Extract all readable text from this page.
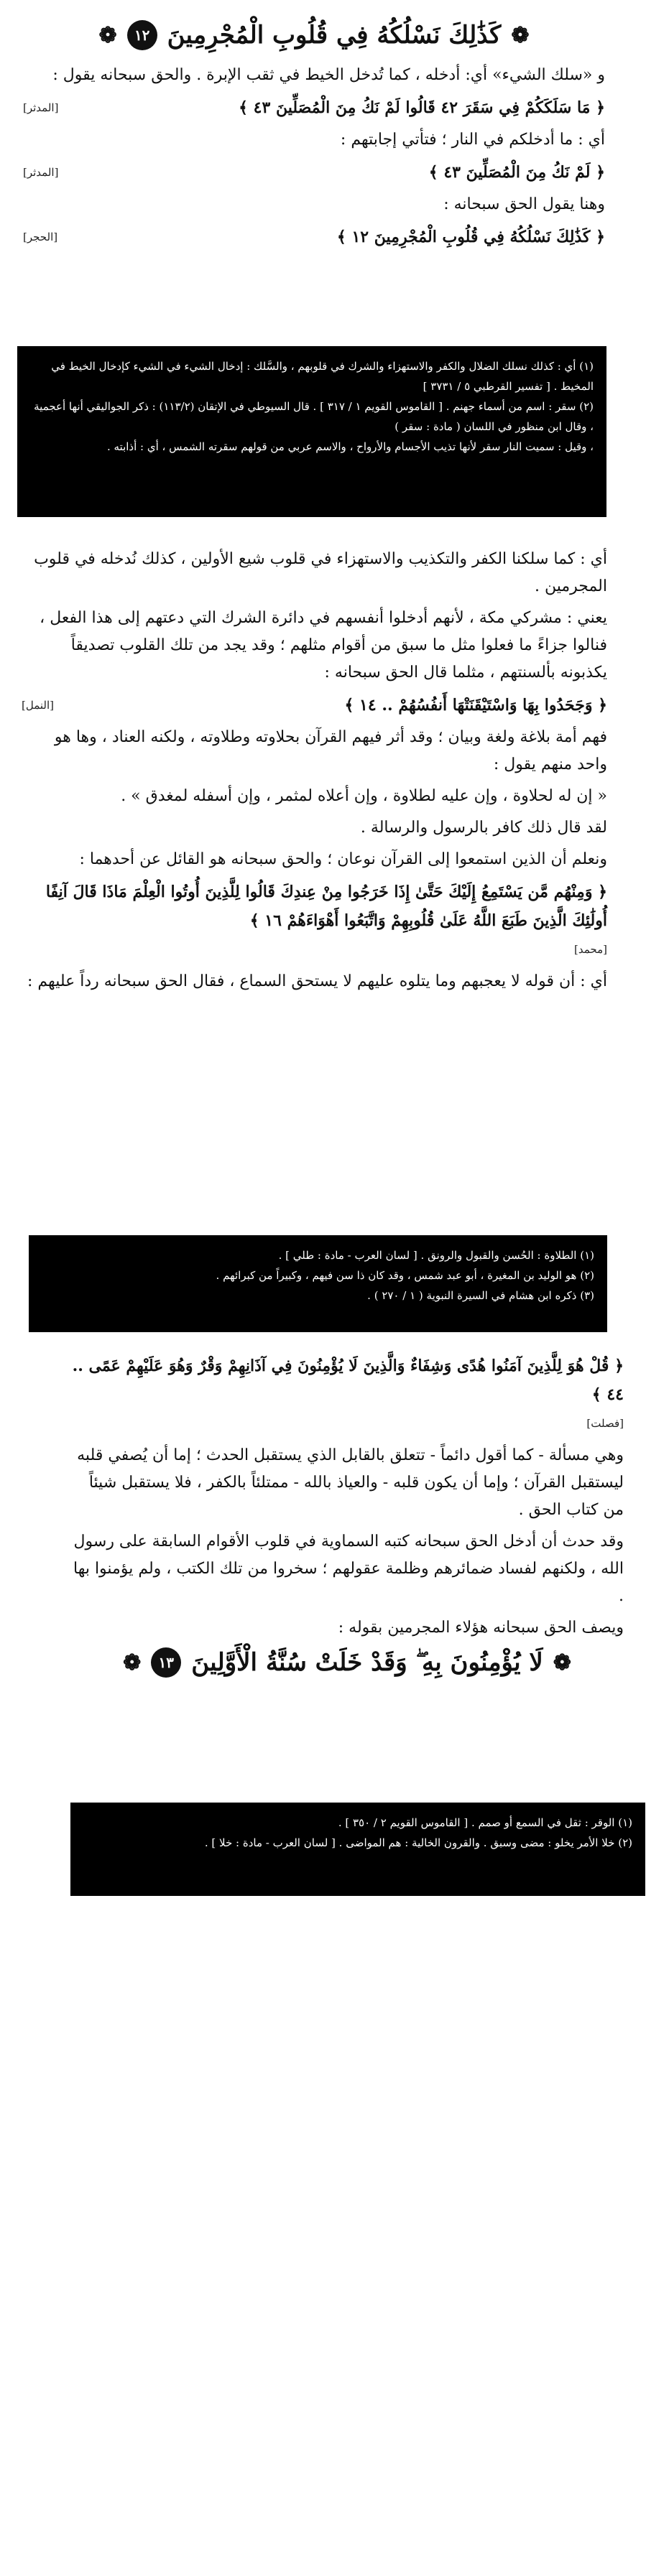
❁
كَذَٰلِكَ نَسْلُكُهُ فِي قُلُوبِ الْمُجْرِمِينَ
١٢
❁

و «سلك الشيء» أي: أدخله ، كما تُدخل الخيط في ثقب الإبرة . والحق سبحانه يقول :

﴿ مَا سَلَكَكُمْ فِي سَقَرَ ٤٢ قَالُوا لَمْ نَكُ مِنَ الْمُصَلِّينَ ٤٣ ﴾
[المدثر]

أي : ما أدخلكم في النار ؛ فتأتي إجابتهم :

﴿ لَمْ نَكُ مِنَ الْمُصَلِّينَ ٤٣ ﴾
[المدثر]

وهنا يقول الحق سبحانه :

﴿ كَذَٰلِكَ نَسْلُكُهُ فِي قُلُوبِ الْمُجْرِمِينَ ١٢ ﴾
[الحجر]

(١) أي : كذلك نسلك الضلال والكفر والاستهزاء والشرك في قلوبهم ، والسَّلك : إدخال الشيء في الشيء كإدخال الخيط في المخيط . [ تفسير القرطبي ٥ / ٣٧٣١ ]

(٢) سقر : اسم من أسماء جهنم . [ القاموس القويم ١ / ٣١٧ ] . قال السيوطي في الإتقان (١١٣/٢) : ذكر الجواليقي أنها أعجمية ، وقال ابن منظور في اللسان ( مادة : سقر )

، وقيل : سميت النار سقر لأنها تذيب الأجسام والأرواح ، والاسم عربي من قولهم سقرته الشمس ، أي : أذابته .

أي : كما سلكنا الكفر والتكذيب والاستهزاء في قلوب شيع الأولين ، كذلك نُدخله في قلوب المجرمين .

يعني : مشركي مكة ، لأنهم أدخلوا أنفسهم في دائرة الشرك التي دعتهم إلى هذا الفعل ، فنالوا جزاءً ما فعلوا مثل ما سبق من أقوام مثلهم ؛ وقد يجد من تلك القلوب تصديقاً يكذبونه بألسنتهم ، مثلما قال الحق سبحانه :

﴿ وَجَحَدُوا بِهَا وَاسْتَيْقَنَتْهَا أَنفُسُهُمْ .. ١٤ ﴾
[النمل]

فهم أمة بلاغة ولغة وبيان ؛ وقد أثر فيهم القرآن بحلاوته وطلاوته ، ولكنه العناد ، وها هو واحد منهم يقول :

« إن له لحلاوة ، وإن عليه لطلاوة ، وإن أعلاه لمثمر ، وإن أسفله لمغدق » .

لقد قال ذلك كافر بالرسول والرسالة .

ونعلم أن الذين استمعوا إلى القرآن نوعان ؛ والحق سبحانه هو القائل عن أحدهما :

﴿ وَمِنْهُم مَّن يَسْتَمِعُ إِلَيْكَ حَتَّىٰ إِذَا خَرَجُوا مِنْ عِندِكَ قَالُوا لِلَّذِينَ أُوتُوا الْعِلْمَ مَاذَا قَالَ آنِفًا أُولَٰئِكَ الَّذِينَ طَبَعَ اللَّهُ عَلَىٰ قُلُوبِهِمْ وَاتَّبَعُوا أَهْوَاءَهُمْ ١٦ ﴾
[محمد]

أي : أن قوله لا يعجبهم وما يتلوه عليهم لا يستحق السماع ، فقال الحق سبحانه رداً عليهم :

(١) الطلاوة : الحُسن والقبول والرونق . [ لسان العرب - مادة : طلي ] .

(٢) هو الوليد بن المغيرة ، أبو عبد شمس ، وقد كان ذا سن فيهم ، وكبيراً من كبرائهم .

(٣) ذكره ابن هشام في السيرة النبوية ( ١ / ٢٧٠ ) .

﴿ قُلْ هُوَ لِلَّذِينَ آمَنُوا هُدًى وَشِفَاءٌ وَالَّذِينَ لَا يُؤْمِنُونَ فِي آذَانِهِمْ وَقْرٌ وَهُوَ عَلَيْهِمْ عَمًى .. ٤٤ ﴾
[فصلت]

وهي مسألة - كما أقول دائماً - تتعلق بالقابل الذي يستقبل الحدث ؛ إما أن يُصفي قلبه ليستقبل القرآن ؛ وإما أن يكون قلبه - والعياذ بالله - ممتلئاً بالكفر ، فلا يستقبل شيئاً من كتاب الحق .

وقد حدث أن أدخل الحق سبحانه كتبه السماوية في قلوب الأقوام السابقة على رسول الله ، ولكنهم لفساد ضمائرهم وظلمة عقولهم ؛ سخروا من تلك الكتب ، ولم يؤمنوا بها .

ويصف الحق سبحانه هؤلاء المجرمين بقوله :

❁
لَا يُؤْمِنُونَ بِهِ ۖ وَقَدْ خَلَتْ سُنَّةُ الْأَوَّلِينَ
١٣
❁

(١) الوقر : ثقل في السمع أو صمم . [ القاموس القويم ٢ / ٣٥٠ ] .

(٢) خلا الأمر يخلو : مضى وسبق . والقرون الخالية : هم المواضى . [ لسان العرب - مادة : خلا ] .
